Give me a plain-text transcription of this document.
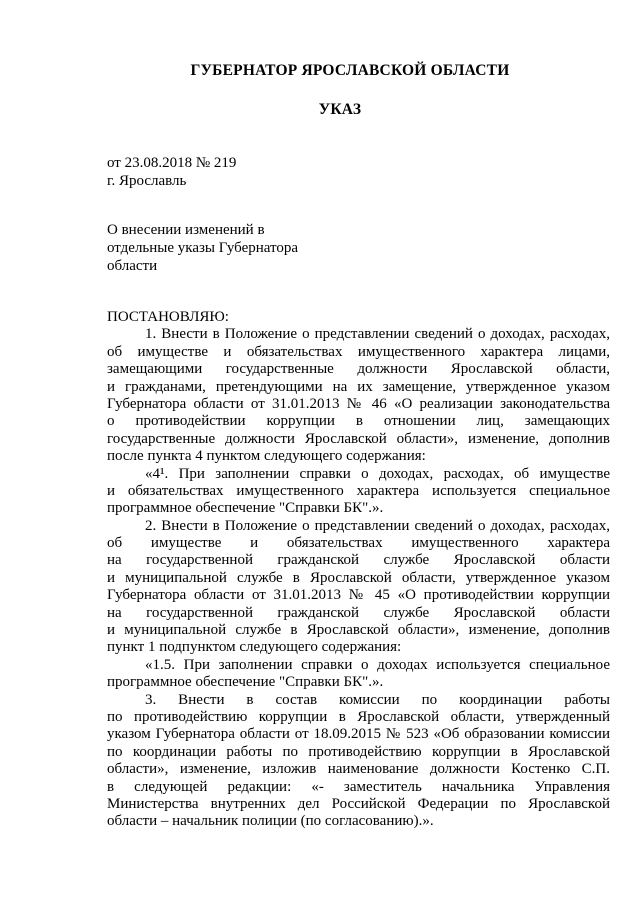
ГУБЕРНАТОР ЯРОСЛАВСКОЙ ОБЛАСТИ
УКАЗ
от 23.08.2018 № 219
г. Ярославль
О внесении изменений в
отдельные указы Губернатора
области
ПОСТАНОВЛЯЮ:
1. Внести в Положение о представлении сведений о доходах, расходах,
об имуществе и обязательствах имущественного характера лицами,
замещающими государственные должности Ярославской области,
и гражданами, претендующими на их замещение, утвержденное указом
Губернатора области от 31.01.2013 № 46 «О реализации законодательства
о противодействии коррупции в отношении лиц, замещающих
государственные должности Ярославской области», изменение, дополнив
после пункта 4 пунктом следующего содержания:
«4¹. При заполнении справки о доходах, расходах, об имуществе
и обязательствах имущественного характера используется специальное
программное обеспечение "Справки БК".».
2. Внести в Положение о представлении сведений о доходах, расходах,
об имуществе и обязательствах имущественного характера
на государственной гражданской службе Ярославской области
и муниципальной службе в Ярославской области, утвержденное указом
Губернатора области от 31.01.2013 № 45 «О противодействии коррупции
на государственной гражданской службе Ярославской области
и муниципальной службе в Ярославской области», изменение, дополнив
пункт 1 подпунктом следующего содержания:
«1.5. При заполнении справки о доходах используется специальное
программное обеспечение "Справки БК".».
3. Внести в состав комиссии по координации работы
по противодействию коррупции в Ярославской области, утвержденный
указом Губернатора области от 18.09.2015 № 523 «Об образовании комиссии
по координации работы по противодействию коррупции в Ярославской
области», изменение, изложив наименование должности Костенко С.П.
в следующей редакции: «- заместитель начальника Управления
Министерства внутренних дел Российской Федерации по Ярославской
области – начальник полиции (по согласованию).».
